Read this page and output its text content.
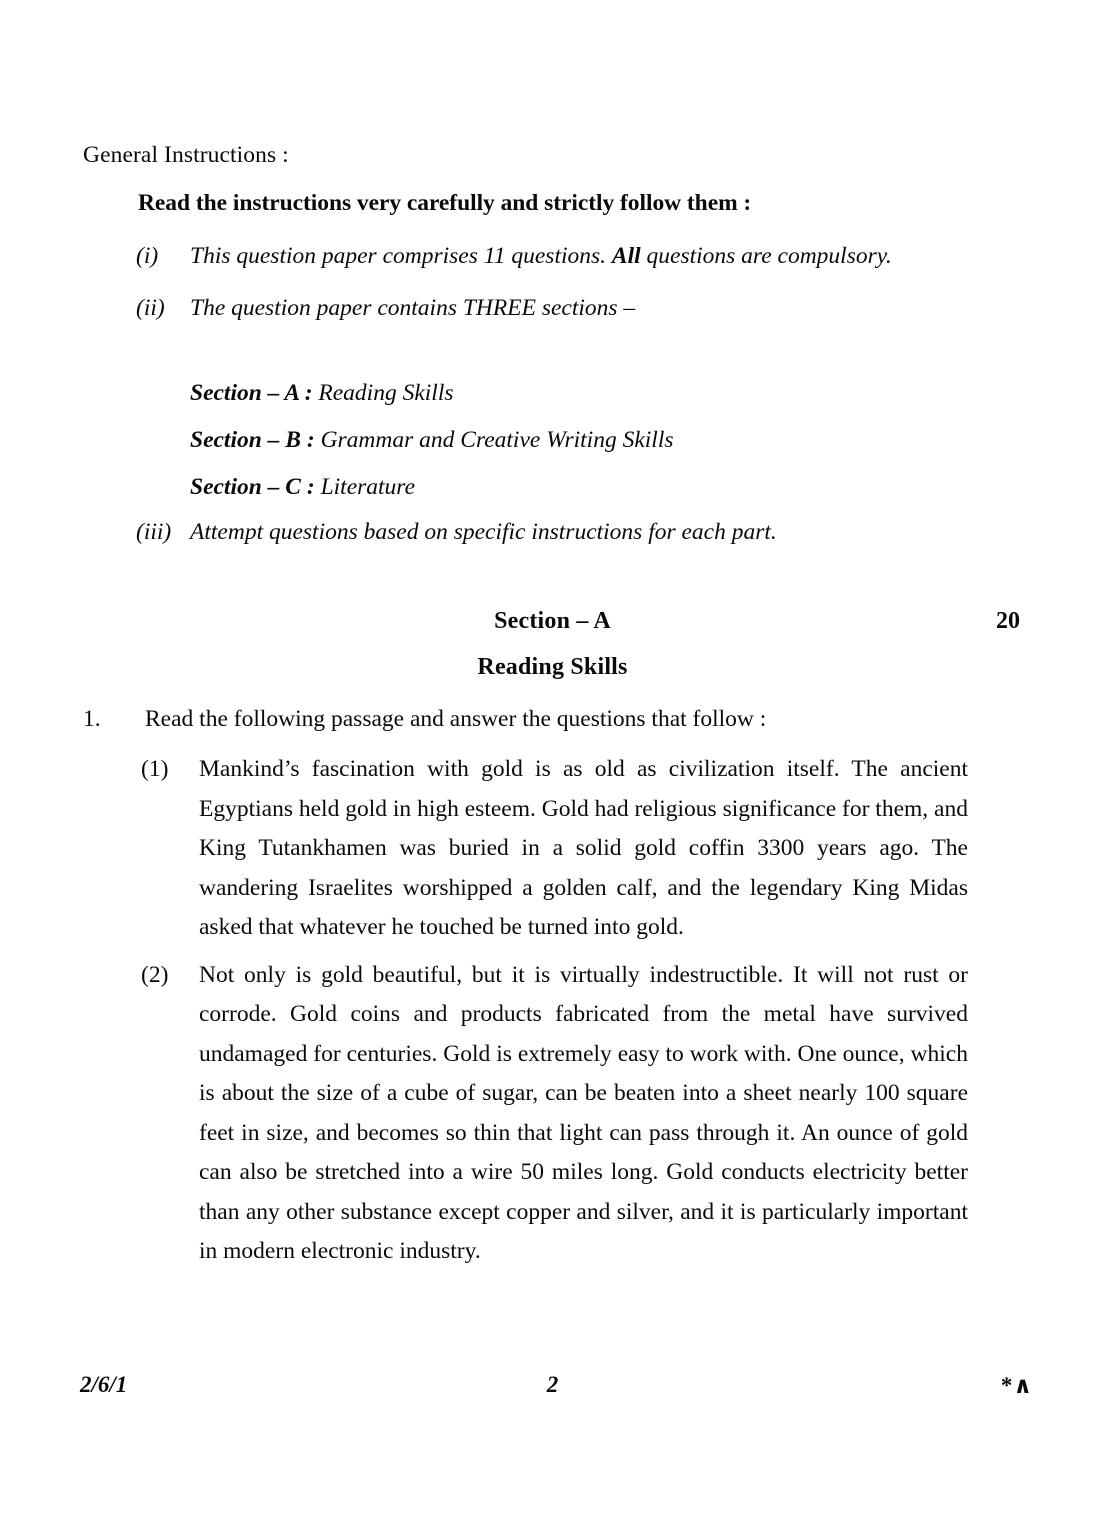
General Instructions :
Read the instructions very carefully and strictly follow them :
(i)	This question paper comprises 11 questions. All questions are compulsory.
(ii)	The question paper contains THREE sections –
Section – A : Reading Skills
Section – B : Grammar and Creative Writing Skills
Section – C : Literature
(iii) Attempt questions based on specific instructions for each part.
Section – A	20
Reading Skills
1.	Read the following passage and answer the questions that follow :
(1)	Mankind’s fascination with gold is as old as civilization itself. The ancient Egyptians held gold in high esteem. Gold had religious significance for them, and King Tutankhamen was buried in a solid gold coffin 3300 years ago. The wandering Israelites worshipped a golden calf, and the legendary King Midas asked that whatever he touched be turned into gold.
(2)	Not only is gold beautiful, but it is virtually indestructible. It will not rust or corrode. Gold coins and products fabricated from the metal have survived undamaged for centuries. Gold is extremely easy to work with. One ounce, which is about the size of a cube of sugar, can be beaten into a sheet nearly 100 square feet in size, and becomes so thin that light can pass through it. An ounce of gold can also be stretched into a wire 50 miles long. Gold conducts electricity better than any other substance except copper and silver, and it is particularly important in modern electronic industry.
2/6/1	2	*∧
